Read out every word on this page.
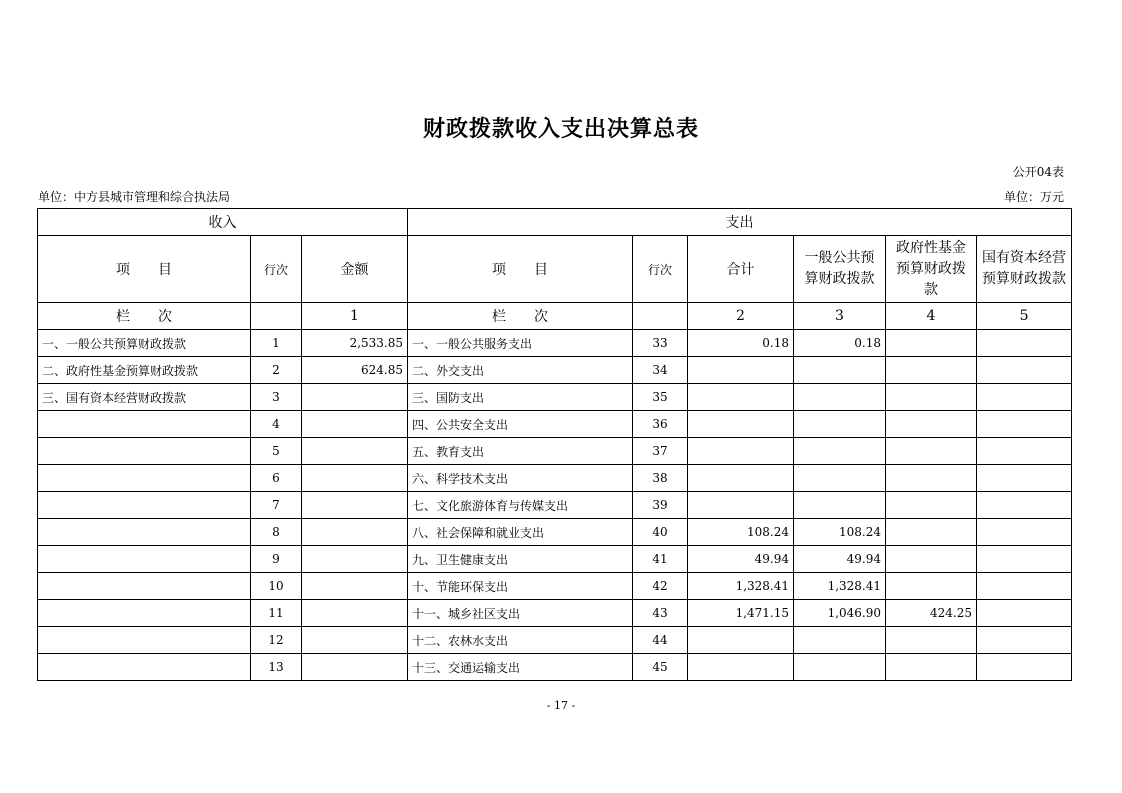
财政拨款收入支出决算总表
公开04表
单位：中方县城市管理和综合执法局	单位：万元
收入			支出					
项　　目	行次	金额	项　　目	行次	合计	一般公共预算财政拨款	政府性基金预算财政拨款	国有资本经营预算财政拨款
栏　　次		1	栏　　次		2	3	4	5
一、一般公共预算财政拨款	1	2,533.85	一、一般公共服务支出	33	0.18	0.18		
二、政府性基金预算财政拨款	2	624.85	二、外交支出	34				
三、国有资本经营财政拨款	3		三、国防支出	35				
	4		四、公共安全支出	36				
	5		五、教育支出	37				
	6		六、科学技术支出	38				
	7		七、文化旅游体育与传媒支出	39				
	8		八、社会保障和就业支出	40	108.24	108.24		
	9		九、卫生健康支出	41	49.94	49.94		
	10		十、节能环保支出	42	1,328.41	1,328.41		
	11		十一、城乡社区支出	43	1,471.15	1,046.90	424.25	
	12		十二、农林水支出	44				
	13		十三、交通运输支出	45				
- 17 -
